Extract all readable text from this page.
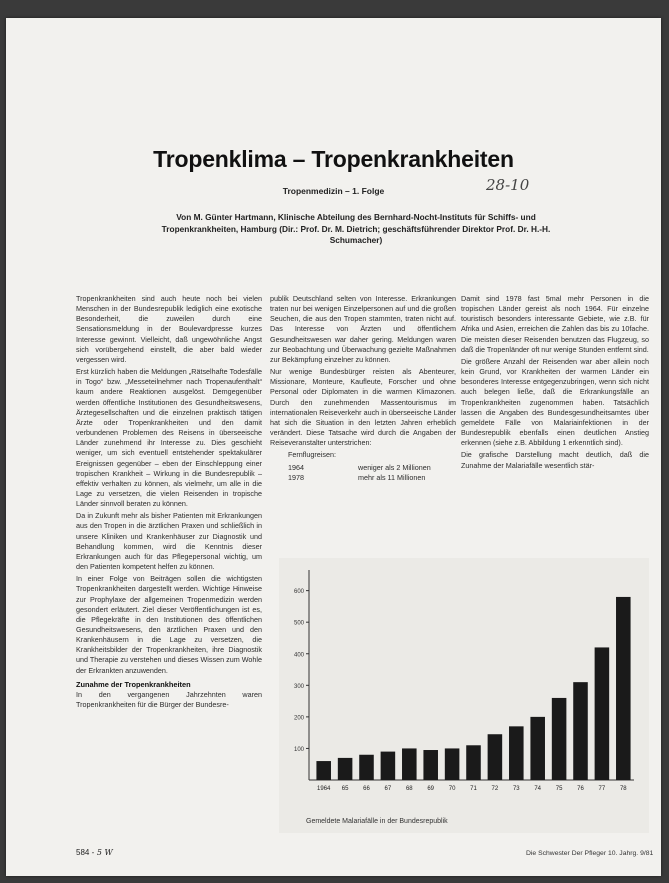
Tropenklima – Tropenkrankheiten
28-10
Tropenmedizin – 1. Folge
Von M. Günter Hartmann, Klinische Abteilung des Bernhard-Nocht-Instituts für Schiffs- und Tropenkrankheiten, Hamburg (Dir.: Prof. Dr. M. Dietrich; geschäftsführender Direktor Prof. Dr. H.-H. Schumacher)

Tropenkrankheiten sind auch heute noch bei vielen Menschen in der Bundesrepublik lediglich eine exotische Besonderheit, die zuweilen durch eine Sensationsmeldung in der Boulevardpresse kurzes Interesse gewinnt. Vielleicht, daß ungewöhnliche Angst sich vorübergehend einstellt, die aber bald wieder vergessen wird.

Erst kürzlich haben die Meldungen „Rätselhafte Todesfälle in Togo“ bzw. „Messeteilnehmer nach Tropenaufenthalt“ kaum andere Reaktionen ausgelöst. Demgegenüber werden öffentliche Institutionen des Gesundheitswesens, Ärztegesellschaften und die einzelnen praktisch tätigen Ärzte oder Tropenkrankheiten und den damit verbundenen Problemen des Reisens in überseeische Länder zunehmend ihr Interesse zu. Dies geschieht weniger, um sich eventuell entstehender spektakulärer Ereignissen gegenüber – eben der Einschleppung einer tropischen Krankheit – Wirkung in die Bundesrepublik – effektiv verhalten zu können, als vielmehr, um alle in die Lage zu versetzen, die vielen Reisenden in tropische Länder sinnvoll beraten zu können.

Da in Zukunft mehr als bisher Patienten mit Erkrankungen aus den Tropen in die ärztlichen Praxen und schließlich in unsere Kliniken und Krankenhäuser zur Diagnostik und Behandlung kommen, wird die Kenntnis dieser Erkrankungen auch für das Pflegepersonal wichtig, um den Patienten kompetent helfen zu können.

In einer Folge von Beiträgen sollen die wichtigsten Tropenkrankheiten dargestellt werden. Wichtige Hinweise zur Prophylaxe der allgemeinen Tropenmedizin werden gesondert erläutert. Ziel dieser Veröffentlichungen ist es, die Pflegekräfte in den Institutionen des öffentlichen Gesundheitswesens, den ärztlichen Praxen und den Krankenhäusern in die Lage zu versetzen, die Krankheitsbilder der Tropenkrankheiten, ihre Diagnostik und Therapie zu verstehen und dieses Wissen zum Wohle der Erkrankten anzuwenden.

Zunahme der Tropenkrankheiten

In den vergangenen Jahrzehnten waren Tropenkrankheiten für die Bürger der Bundesre-

publik Deutschland selten von Interesse. Erkrankungen traten nur bei wenigen Einzelpersonen auf und die großen Seuchen, die aus den Tropen stammten, traten nicht auf. Das Interesse von Ärzten und öffentlichem Gesundheitswesen war daher gering. Meldungen waren zur Beobachtung und Überwachung gezielte Maßnahmen zur Bekämpfung einzelner zu können.

Nur wenige Bundesbürger reisten als Abenteurer, Missionare, Monteure, Kaufleute, Forscher und ohne Personal oder Diplomaten in die warmen Klimazonen. Durch den zunehmenden Massentourismus im internationalen Reiseverkehr auch in überseeische Länder hat sich die Situation in den letzten Jahren erheblich verändert. Diese Tatsache wird durch die Angaben der Reiseveranstalter unterstrichen:

Fernflugreisen:

1964	weniger als 2 Millionen
1978	mehr als 11 Millionen

Damit sind 1978 fast 5mal mehr Personen in die tropischen Länder gereist als noch 1964. Für einzelne touristisch besonders interessante Gebiete, wie z.B. für Afrika und Asien, erreichen die Zahlen das bis zu 10fache. Die meisten dieser Reisenden benutzen das Flugzeug, so daß die Tropenländer oft nur wenige Stunden entfernt sind.

Die größere Anzahl der Reisenden war aber allein noch kein Grund, vor Krankheiten der warmen Länder ein besonderes Interesse entgegenzubringen, wenn sich nicht auch belegen ließe, daß die Erkrankungsfälle an Tropenkrankheiten zugenommen haben. Tatsächlich lassen die Angaben des Bundesgesundheitsamtes über gemeldete Fälle von Malariainfektionen in der Bundesrepublik ebenfalls einen deutlichen Anstieg erkennen (siehe z.B. Abbildung 1 erkenntlich sind).

Die grafische Darstellung macht deutlich, daß die Zunahme der Malariafälle wesentlich stär-

100
200
300
400
500
600
1964 65 66 67 68 69 70 71 72 73 74 75 76 77 78
Gemeldete Malariafälle in der Bundesrepublik
584 - 5 W	Die Schwester Der Pfleger 10. Jahrg. 9/81
